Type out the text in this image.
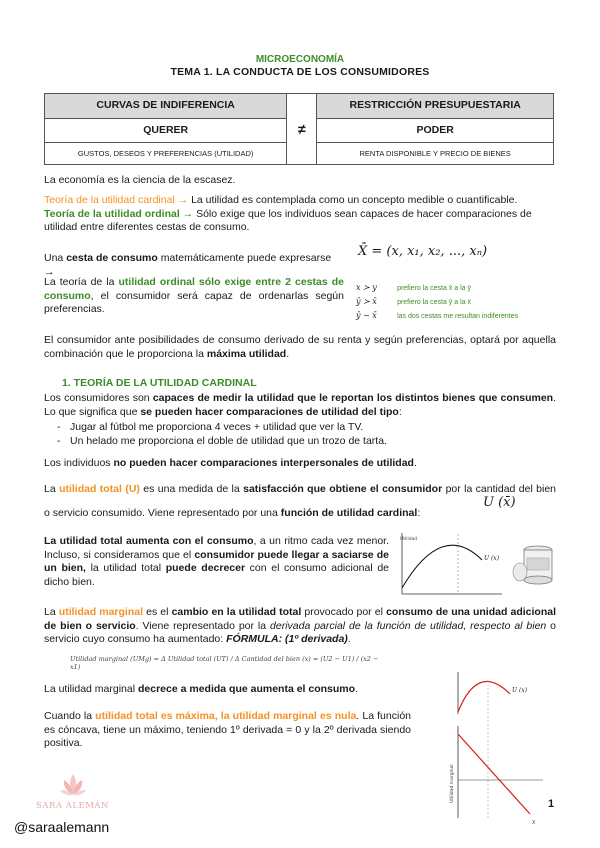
MICROECONOMÍA
TEMA 1. LA CONDUCTA DE LOS CONSUMIDORES
CURVAS DE INDIFERENCIA	≠	RESTRICCIÓN PRESUPUESTARIA
QUERER		PODER
GUSTOS, DESEOS Y PREFERENCIAS (UTILIDAD)		RENTA DISPONIBLE Y PRECIO DE BIENES
La economía es la ciencia de la escasez.
Teoría de la utilidad cardinal → La utilidad es contemplada como un concepto medible o cuantificable.
Teoría de la utilidad ordinal → Sólo exige que los individuos sean capaces de hacer comparaciones de utilidad entre diferentes cestas de consumo.
Una cesta de consumo matemáticamente puede expresarse →
X̄ = (x, x₁, x₂, ..., xₙ)
La teoría de la utilidad ordinal sólo exige entre 2 cestas de consumo, el consumidor será capaz de ordenarlas según preferencias.
x ≻ y	prefiero la cesta x̄ a la ȳ
ȳ ≻ x̄	prefiero la cesta ȳ a la x̄
ȳ ~ x̄	las dos cestas me resultan indiferentes
El consumidor ante posibilidades de consumo derivado de su renta y según preferencias, optará por aquella combinación que le proporciona la máxima utilidad.
1. TEORÍA DE LA UTILIDAD CARDINAL
Los consumidores son capaces de medir la utilidad que le reportan los distintos bienes que consumen. Lo que significa que se pueden hacer comparaciones de utilidad del tipo:
- Jugar al fútbol me proporciona 4 veces + utilidad que ver la TV.
- Un helado me proporciona el doble de utilidad que un trozo de tarta.
Los individuos no pueden hacer comparaciones interpersonales de utilidad.
La utilidad total (U) es una medida de la satisfacción que obtiene el consumidor por la cantidad del bien o servicio consumido. Viene representado por una función de utilidad cardinal:
U (x̄)
La utilidad total aumenta con el consumo, a un ritmo cada vez menor. Incluso, si consideramos que el consumidor puede llegar a saciarse de un bien, la utilidad total puede decrecer con el consumo adicional de dicho bien.
Utilidad
U (x)
La utilidad marginal es el cambio en la utilidad total provocado por el consumo de una unidad adicional de bien o servicio. Viene representado por la derivada parcial de la función de utilidad, respecto al bien o servicio cuyo consumo ha aumentado: FÓRMULA: (1º derivada).
Utilidad marginal (UMg) = Δ Utilidad total (UT) / Δ Cantidad del bien (x) = (U2 − U1) / (x2 − x1)
La utilidad marginal decrece a medida que aumenta el consumo.
Cuando la utilidad total es máxima, la utilidad marginal es nula. La función es cóncava, tiene un máximo, teniendo 1º derivada = 0 y la 2º derivada siendo positiva.
U (x)
Utilidad marginal
X
SARA ALEMÁN
@saraalemann
1
